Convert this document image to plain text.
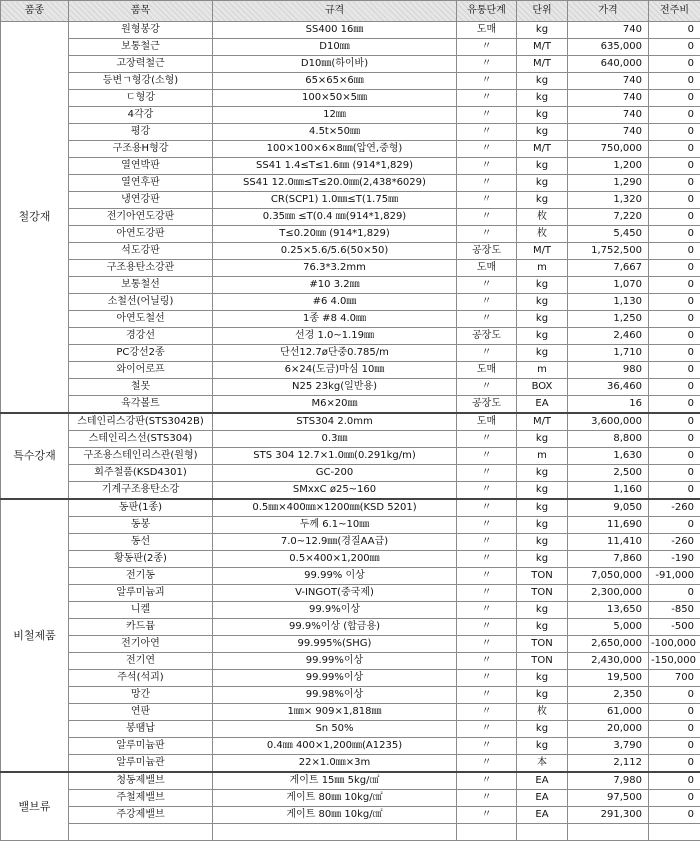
품종	품목	규격	유통단계	단위	가격	전주비
철강재	원형봉강	SS400 16㎜	도매	kg	740	0
	보통철근	D10㎜	〃	M/T	635,000	0
	고장력철근	D10㎜(하이바)	〃	M/T	640,000	0
	등변ㄱ형강(소형)	65×65×6㎜	〃	kg	740	0
	ㄷ형강	100×50×5㎜	〃	kg	740	0
	4각강	12㎜	〃	kg	740	0
	평강	4.5t×50㎜	〃	kg	740	0
	구조용H형강	100×100×6×8㎜(압연,중형)	〃	M/T	750,000	0
	열연박판	SS41 1.4≤T≤1.6㎜ (914*1,829)	〃	kg	1,200	0
	열연후판	SS41 12.0㎜≤T≤20.0㎜(2,438*6029)	〃	kg	1,290	0
	냉연강판	CR(SCP1) 1.0㎜≤T(1.75㎜	〃	kg	1,320	0
	전기아연도강판	0.35㎜ ≤T(0.4 ㎜(914*1,829)	〃	枚	7,220	0
	아연도강판	T≤0.20㎜ (914*1,829)	〃	枚	5,450	0
	석도강판	0.25×5.6/5.6(50×50)	공장도	M/T	1,752,500	0
	구조용탄소강관	76.3*3.2mm	도매	m	7,667	0
	보통철선	#10 3.2㎜	〃	kg	1,070	0
	소철선(어닐링)	#6 4.0㎜	〃	kg	1,130	0
	아연도철선	1종 #8 4.0㎜	〃	kg	1,250	0
	경강선	선경 1.0~1.19㎜	공장도	kg	2,460	0
	PC강선2종	단선12.7ø단중0.785/m	〃	kg	1,710	0
	와이어로프	6×24(도금)마심 10㎜	도매	m	980	0
	철못	N25 23kg(일반용)	〃	BOX	36,460	0
	육각볼트	M6×20㎜	공장도	EA	16	0
특수강재	스테인리스강판(STS3042B)	STS304 2.0mm	도매	M/T	3,600,000	0
	스테인리스선(STS304)	0.3㎜	〃	kg	8,800	0
	구조용스테인리스관(원형)	STS 304 12.7×1.0㎜(0.291kg/m)	〃	m	1,630	0
	회주철품(KSD4301)	GC-200	〃	kg	2,500	0
	기계구조용탄소강	SMxxC ø25~160	〃	kg	1,160	0
비철제품	동판(1종)	0.5㎜×400㎜×1200㎜(KSD 5201)	〃	kg	9,050	-260
	동봉	두께 6.1~10㎜	〃	kg	11,690	0
	동선	7.0~12.9㎜(경질AA급)	〃	kg	11,410	-260
	황동판(2종)	0.5×400×1,200㎜	〃	kg	7,860	-190
	전기동	99.99% 이상	〃	TON	7,050,000	-91,000
	알루미늄괴	V-INGOT(중국제)	〃	TON	2,300,000	0
	니켈	99.9%이상	〃	kg	13,650	-850
	카드뮴	99.9%이상 (합금용)	〃	kg	5,000	-500
	전기아연	99.995%(SHG)	〃	TON	2,650,000	-100,000
	전기연	99.99%이상	〃	TON	2,430,000	-150,000
	주석(석괴)	99.99%이상	〃	kg	19,500	700
	망간	99.98%이상	〃	kg	2,350	0
	연판	1㎜× 909×1,818㎜	〃	枚	61,000	0
	봉땜납	Sn 50%	〃	kg	20,000	0
	알루미늄판	0.4㎜ 400×1,200㎜(A1235)	〃	kg	3,790	0
	알루미늄관	22×1.0㎜×3m	〃	本	2,112	0
밸브류	청동제밸브	게이트 15㎜ 5kg/㎠	〃	EA	7,980	0
	주철제밸브	게이트 80㎜ 10kg/㎠	〃	EA	97,500	0
	주강제밸브	게이트 80㎜ 10kg/㎠	〃	EA	291,300	0
